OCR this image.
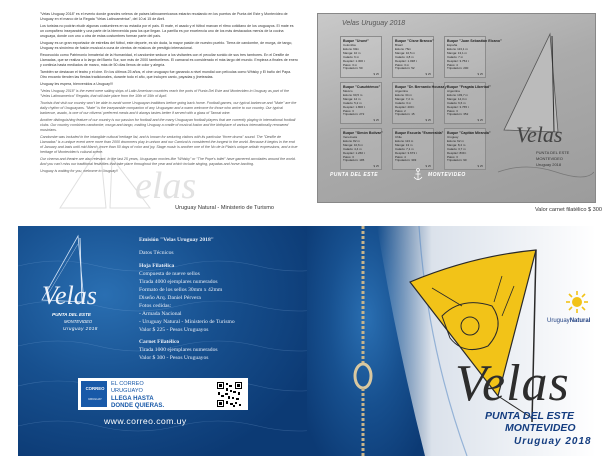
elas

"Velas Uruguay 2018" es el evento donde grandes veleros de países latinoamericanos estarán recalando en los puertos de Punta del Este y Montevideo de Uruguay en el marco de la Regata "Velas Latinoamérica", del 10 al 15 de Abril.

Los turistas no podrán eludir algunas costumbres en su estadía por el país. El mate, el asado y el fútbol marcan el ritmo cotidiano de los uruguayos. El mate es un compañero inseparable y una parte de la bienvenida para los que llegan. La parrilla es por excelencia uno de los más destacados menús de la cocina uruguaya, donde con uno u otra de estas costumbres forman parte del país.

Uruguay es un gran exportador de estrellas del fútbol, este deporte, es sin duda, la mayor pasión de nuestro pueblo. Tierra de candombe, de murga, de tango, Uruguay es sinónimo de fusión musical a cuna de cientos de músicos de prestigio internacional.

Reconocido como Patrimonio Inmaterial de la Humanidad, el candombe seduce a los visitantes con el peculiar sonido de sus tres tambores. En el Desfile de Llamadas, que se realiza a lo largo del Barrio Sur, son más de 2000 tamborileros. El carnaval es considerado el más largo del mundo. Empieza a finales de enero y continúa hasta mediados de marzo, más de 50 días llenos de color y alegría.

También se destacan el teatro y el cine. En los últimos 25 años, el cine uruguayo fue ganando a nivel mundial con películas como Whisky y El baño del Papa. Otro encanto tienden las fiestas tradicionales, durante todo el año, que incluyen canto, payadas y jineteadas.

Uruguay les espera, bienvenidos a Uruguay!!!

"Velas Uruguay 2018" is the event were sailing ships of Latin American countries reach the ports of Punta Del Este and Montevideo in Uruguay as part of the "Velas Latinoamerica" Regatta, that will take place from the 10th of 15th of April.

Tourists that visit our country won't be able to avoid some Uruguayan traditions before going back home. Football games, our typical barbecue and "Mate" are the daily rhythm of Uruguayans. "Mate" is the inseparable companion of any Uruguayan and a warm welcome for those who arrive to our country. Our typical barbecue, asado, is one of our citizens' preferred meals and it always tastes better if served with a glass of Tannat wine.

Another distinguishing feature of our country is our passion for football and the many Uruguayan football players that are currently playing in international football clubs. Our country combines candombe, murga and tango, making Uruguay a cradle of musical fusion and the birthplace of various internationally renowned musicians.

Candombe was included in the intangible cultural heritage list, and is known for seducing visitors with its particular "three drums" sound. The "Desfile de Llamadas" is a unique event were more than 2000 drummers play in unison and our Carnival is considered the longest in the world. Because it begins in the end of January and lasts until mid March, more than 50 days of color and joy. Stage music is another one of the No de la Plata's unique artistic expressions, and a true heritage of Montevideo's cultural scene.

Our cinema and theatre are also relevant. In the last 25 years, Uruguayan movies like "Whisky" or "The Pope's toilet" have garnered accolades around the world. And you can't miss our traditional festivities that take place throughout the year and which include singing, payadas and horse backing.

Uruguay is waiting for you, welcome to Uruguay!!

Uruguay Natural - Ministerio de Turismo
Velas Uruguay 2018
Velas
PUNTA DEL ESTE
MONTEVIDEO
Uruguay 2018
Buque "Uruné"
Colombia
Eslora: 90m
Manga: 10 m
Calado: 6 m
Desplaz: 1.300 t
Palos: 3 m
Tripulación: 50
$ 25
Buque "Cisne Branco"
Brasil
Eslora: 76m
Manga: 10,5 m
Calado: 4,8 m
Desplaz: 1.038 t
Palos: 3 m
Tripulación: 52
$ 25
Buque "Juan Sebastián Elcano"
España
Eslora: 113,1 m
Manga: 13,1 m
Calado: 7 m
Desplaz: 3.754 t
Palos: 4
Tripulación: 200
$ 25
Buque "Cuauhtémoc"
México
Eslora: 90,5 m
Manga: 12 m
Calado: 5,2 m
Desplaz: 1.800 t
Palos: 3
Tripulación: 272
$ 25
Buque "Dr. Bernardo Houssay"
Argentina
Eslora: 34 m
Manga: 7,2 m
Calado: 3 m
Desplaz: 200 t
Palos: 2
Tripulación: 15
$ 25
Buque "Fragata Libertad"
Argentina
Eslora: 103,7 m
Manga: 14,3 m
Calado: 6,6 m
Desplaz: 3.765 t
Palos: 3
Tripulación: 352
$ 25
Buque "Simón Bolívar"
Venezuela
Eslora: 82 m
Manga: 10,6 m
Calado: 4,4 m
Desplaz: 1.260 t
Palos: 3
Tripulación: 195
$ 25
Buque Escuela "Esmeralda"
Chile
Eslora: 113 m
Manga: 13 m
Calado: 7,1 m
Desplaz: 3.673 t
Palos: 4
Tripulación: 303
$ 25
Buque "Capitán Miranda"
Uruguay
Eslora: 62 m
Manga: 8,4 m
Calado: 3,7 m
Desplaz: 839 t
Palos: 3
Tripulación: 90
$ 25
PUNTA DEL ESTE	MONTEVIDEO
Valor carnet filatélico $ 300
Velas
PUNTA DEL ESTE
MONTEVIDEO
Uruguay 2018
Emisión "Velas Uruguay 2018"
Datos Técnicos
Hoja Filatélica
Compuesta de nueve sellos
Tirada 4000 ejemplares numerados
Formato de los sellos 30mm x 42mm
Diseño Arq. Daniel Pérvera
Fotos cedidas:
- Armada Nacional
- Uruguay Natural - Ministerio de Turismo
Valor $ 225 - Pesos Uruguayos
Carnet Filatélico
Tirada 1000 ejemplares numerados
Valor $ 300 - Pesos Uruguayos
CORREO
URUGUAY
EL CORREO
URUGUAYO
LLEGA HASTA
DONDE QUIERAS.
www.correo.com.uy
UruguayNatural
Velas
PUNTA DEL ESTE
MONTEVIDEO
Uruguay 2018
